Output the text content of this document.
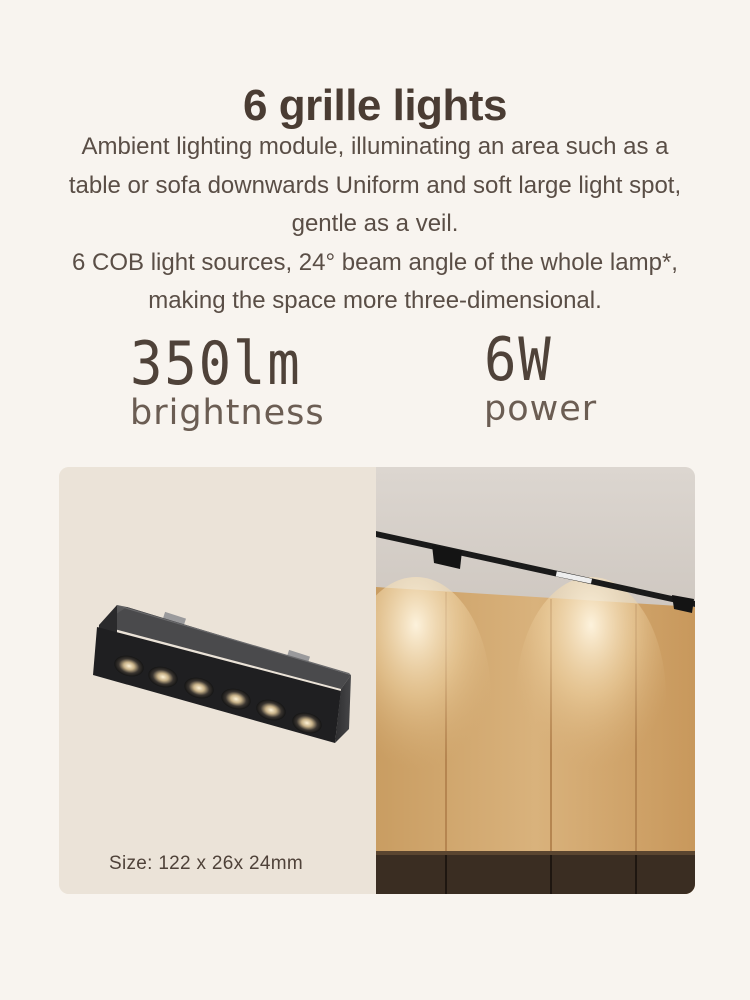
6 grille lights

Ambient lighting module, illuminating an area such as a

table or sofa downwards Uniform and soft large light spot,

gentle as a veil.

6 COB light sources, 24° beam angle of the whole lamp*,

making the space more three-dimensional.

350lm
brightness
6W
power
Size: 122 x 26x 24mm
